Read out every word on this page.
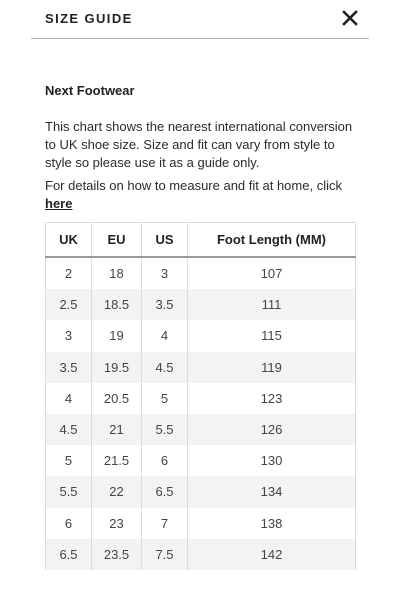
SIZE GUIDE

Next Footwear

This chart shows the nearest international conversion to UK shoe size. Size and fit can vary from style to style so please use it as a guide only.

For details on how to measure and fit at home, click here

UK	EU	US	Foot Length (MM)
2	18	3	107
2.5	18.5	3.5	111
3	19	4	115
3.5	19.5	4.5	119
4	20.5	5	123
4.5	21	5.5	126
5	21.5	6	130
5.5	22	6.5	134
6	23	7	138
6.5	23.5	7.5	142
